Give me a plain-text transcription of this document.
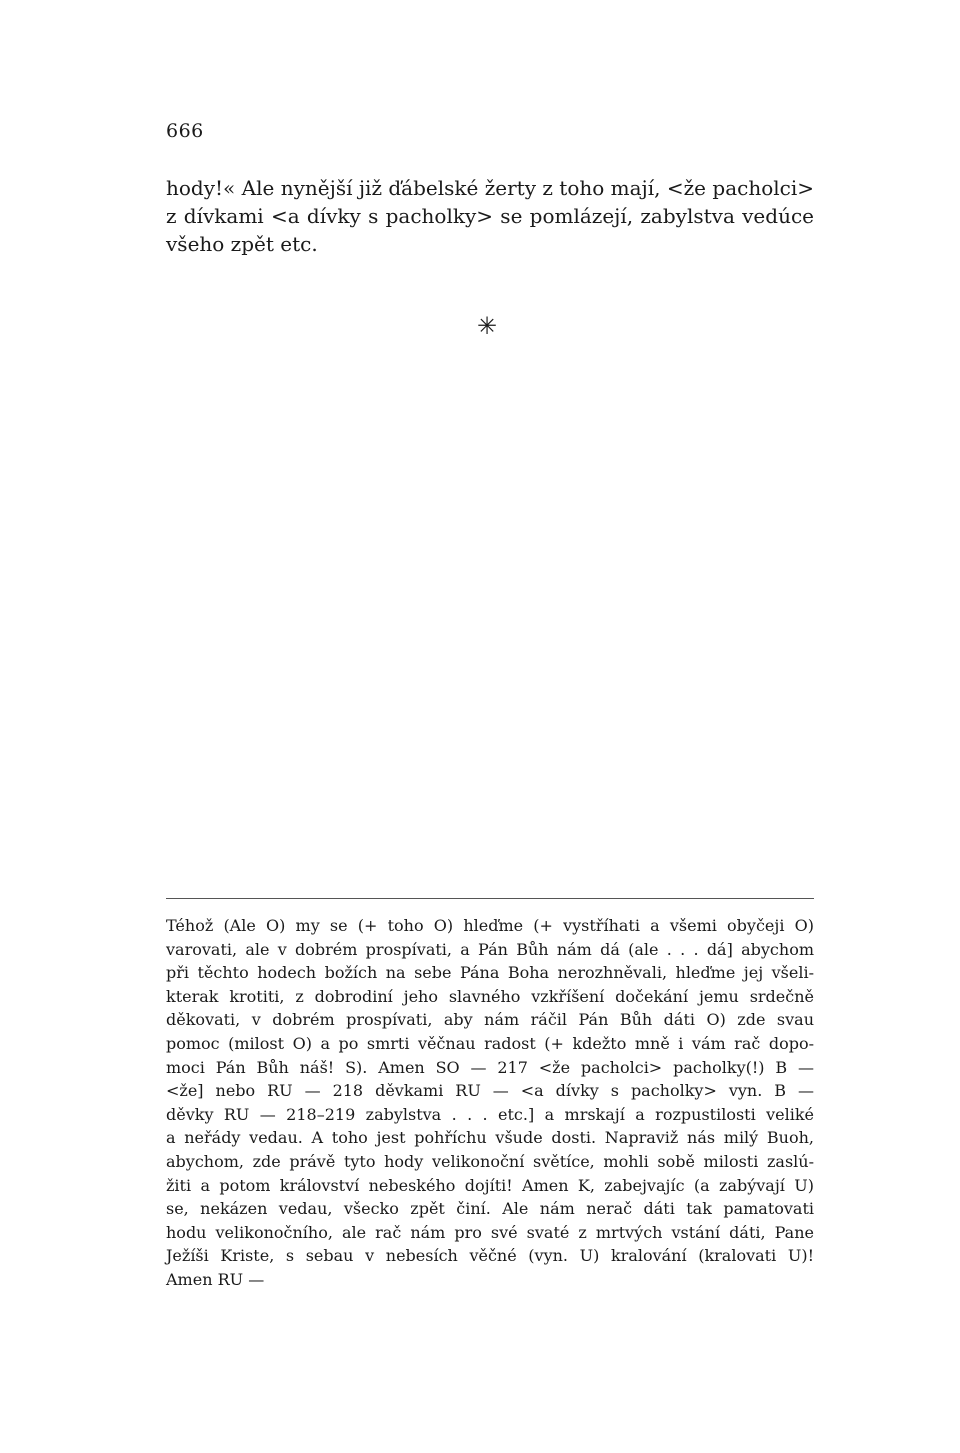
666
hody!« Ale nynější již ďábelské žerty z toho mají, <že pacholci>
z dívkami <a dívky s pacholky> se pomlázejí, zabylstva vedúce
všeho zpět etc.
✳
Téhož (Ale O) my se (+ toho O) hleďme (+ vystříhati a všemi obyčeji O)
varovati, ale v dobrém prospívati, a Pán Bůh nám dá (ale . . . dá] abychom
při těchto hodech božích na sebe Pána Boha nerozhněvali, hleďme jej všeli-
kterak krotiti, z dobrodiní jeho slavného vzkříšení dočekání jemu srdečně
děkovati, v dobrém prospívati, aby nám ráčil Pán Bůh dáti O) zde svau
pomoc (milost O) a po smrti věčnau radost (+ kdežto mně i vám rač dopo-
moci Pán Bůh náš! S). Amen SO — 217 <že pacholci> pacholky(!) B —
<že] nebo RU — 218 děvkami RU — <a dívky s pacholky> vyn. B —
děvky RU — 218–219 zabylstva . . . etc.] a mrskají a rozpustilosti veliké
a neřády vedau. A toho jest pohříchu všude dosti. Napraviž nás milý Buoh,
abychom, zde právě tyto hody velikonoční světíce, mohli sobě milosti zaslú-
žiti a potom království nebeského dojíti! Amen K, zabejvajíc (a zabývají U)
se, nekázen vedau, všecko zpět činí. Ale nám nerač dáti tak pamatovati
hodu velikonočního, ale rač nám pro své svaté z mrtvých vstání dáti, Pane
Ježíši Kriste, s sebau v nebesích věčné (vyn. U) kralování (kralovati U)!
Amen RU —
